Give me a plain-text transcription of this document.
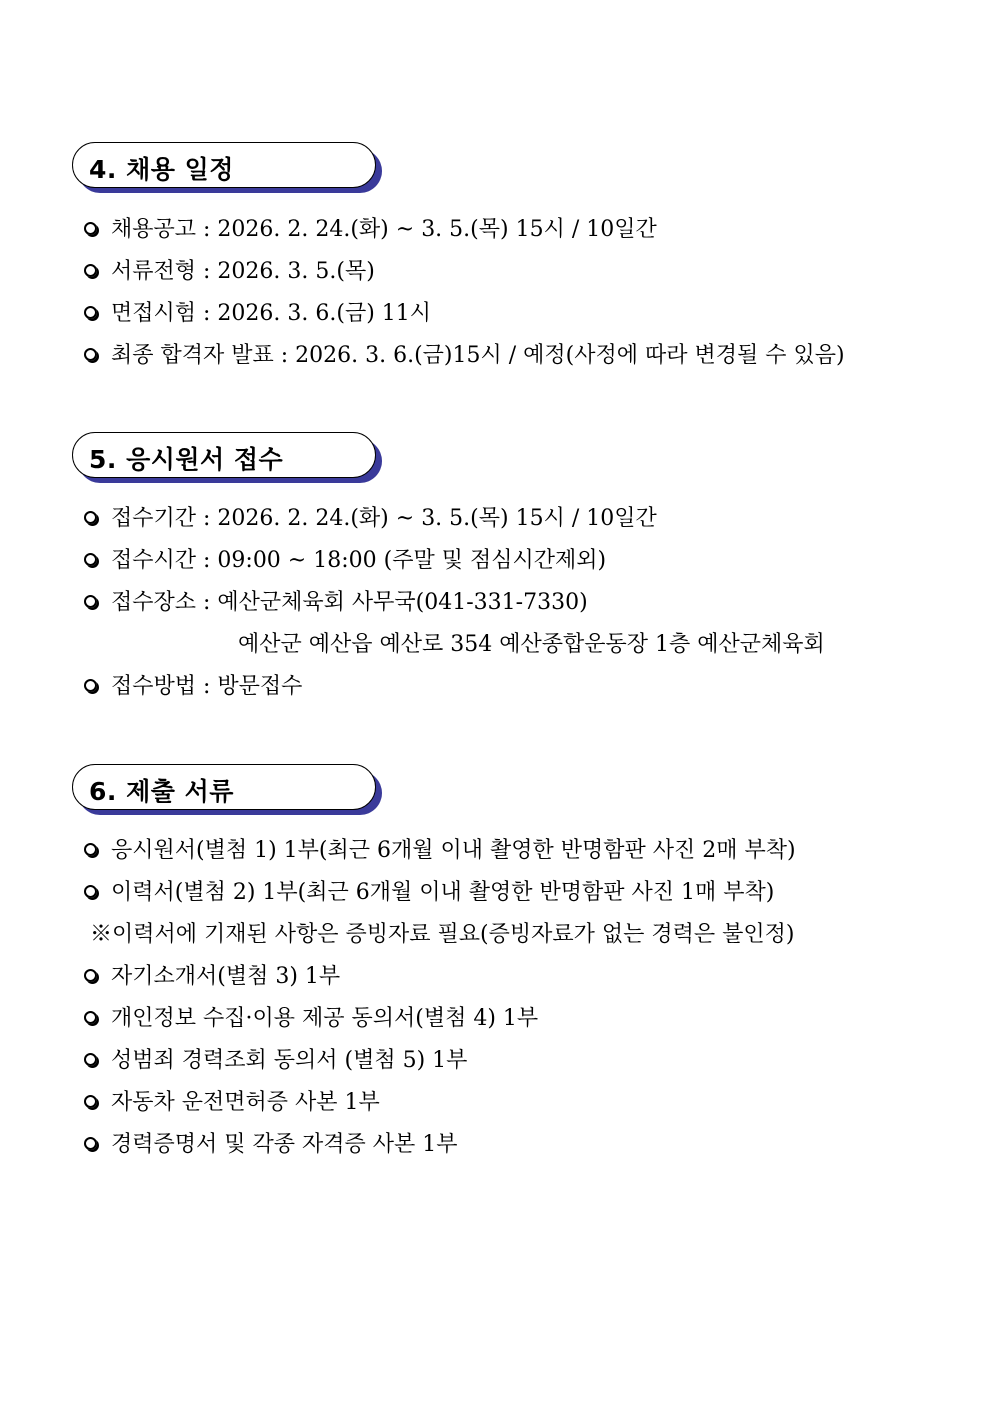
4. 채용 일정
채용공고 : 2026. 2. 24.(화) ~ 3. 5.(목) 15시 / 10일간
서류전형 : 2026. 3. 5.(목)
면접시험 : 2026. 3. 6.(금) 11시
최종 합격자 발표 : 2026. 3. 6.(금)15시 / 예정(사정에 따라 변경될 수 있음)
5. 응시원서 접수
접수기간 : 2026. 2. 24.(화) ~ 3. 5.(목) 15시 / 10일간
접수시간 : 09:00 ~ 18:00 (주말 및 점심시간제외)
접수장소 : 예산군체육회 사무국(041-331-7330)
예산군 예산읍 예산로 354 예산종합운동장 1층 예산군체육회
접수방법 : 방문접수
6. 제출 서류
응시원서(별첨 1) 1부(최근 6개월 이내 촬영한 반명함판 사진 2매 부착)
이력서(별첨 2) 1부(최근 6개월 이내 촬영한 반명함판 사진 1매 부착)
※이력서에 기재된 사항은 증빙자료 필요(증빙자료가 없는 경력은 불인정)
자기소개서(별첨 3) 1부
개인정보 수집·이용 제공 동의서(별첨 4) 1부
성범죄 경력조회 동의서 (별첨 5) 1부
자동차 운전면허증 사본 1부
경력증명서 및 각종 자격증 사본 1부
